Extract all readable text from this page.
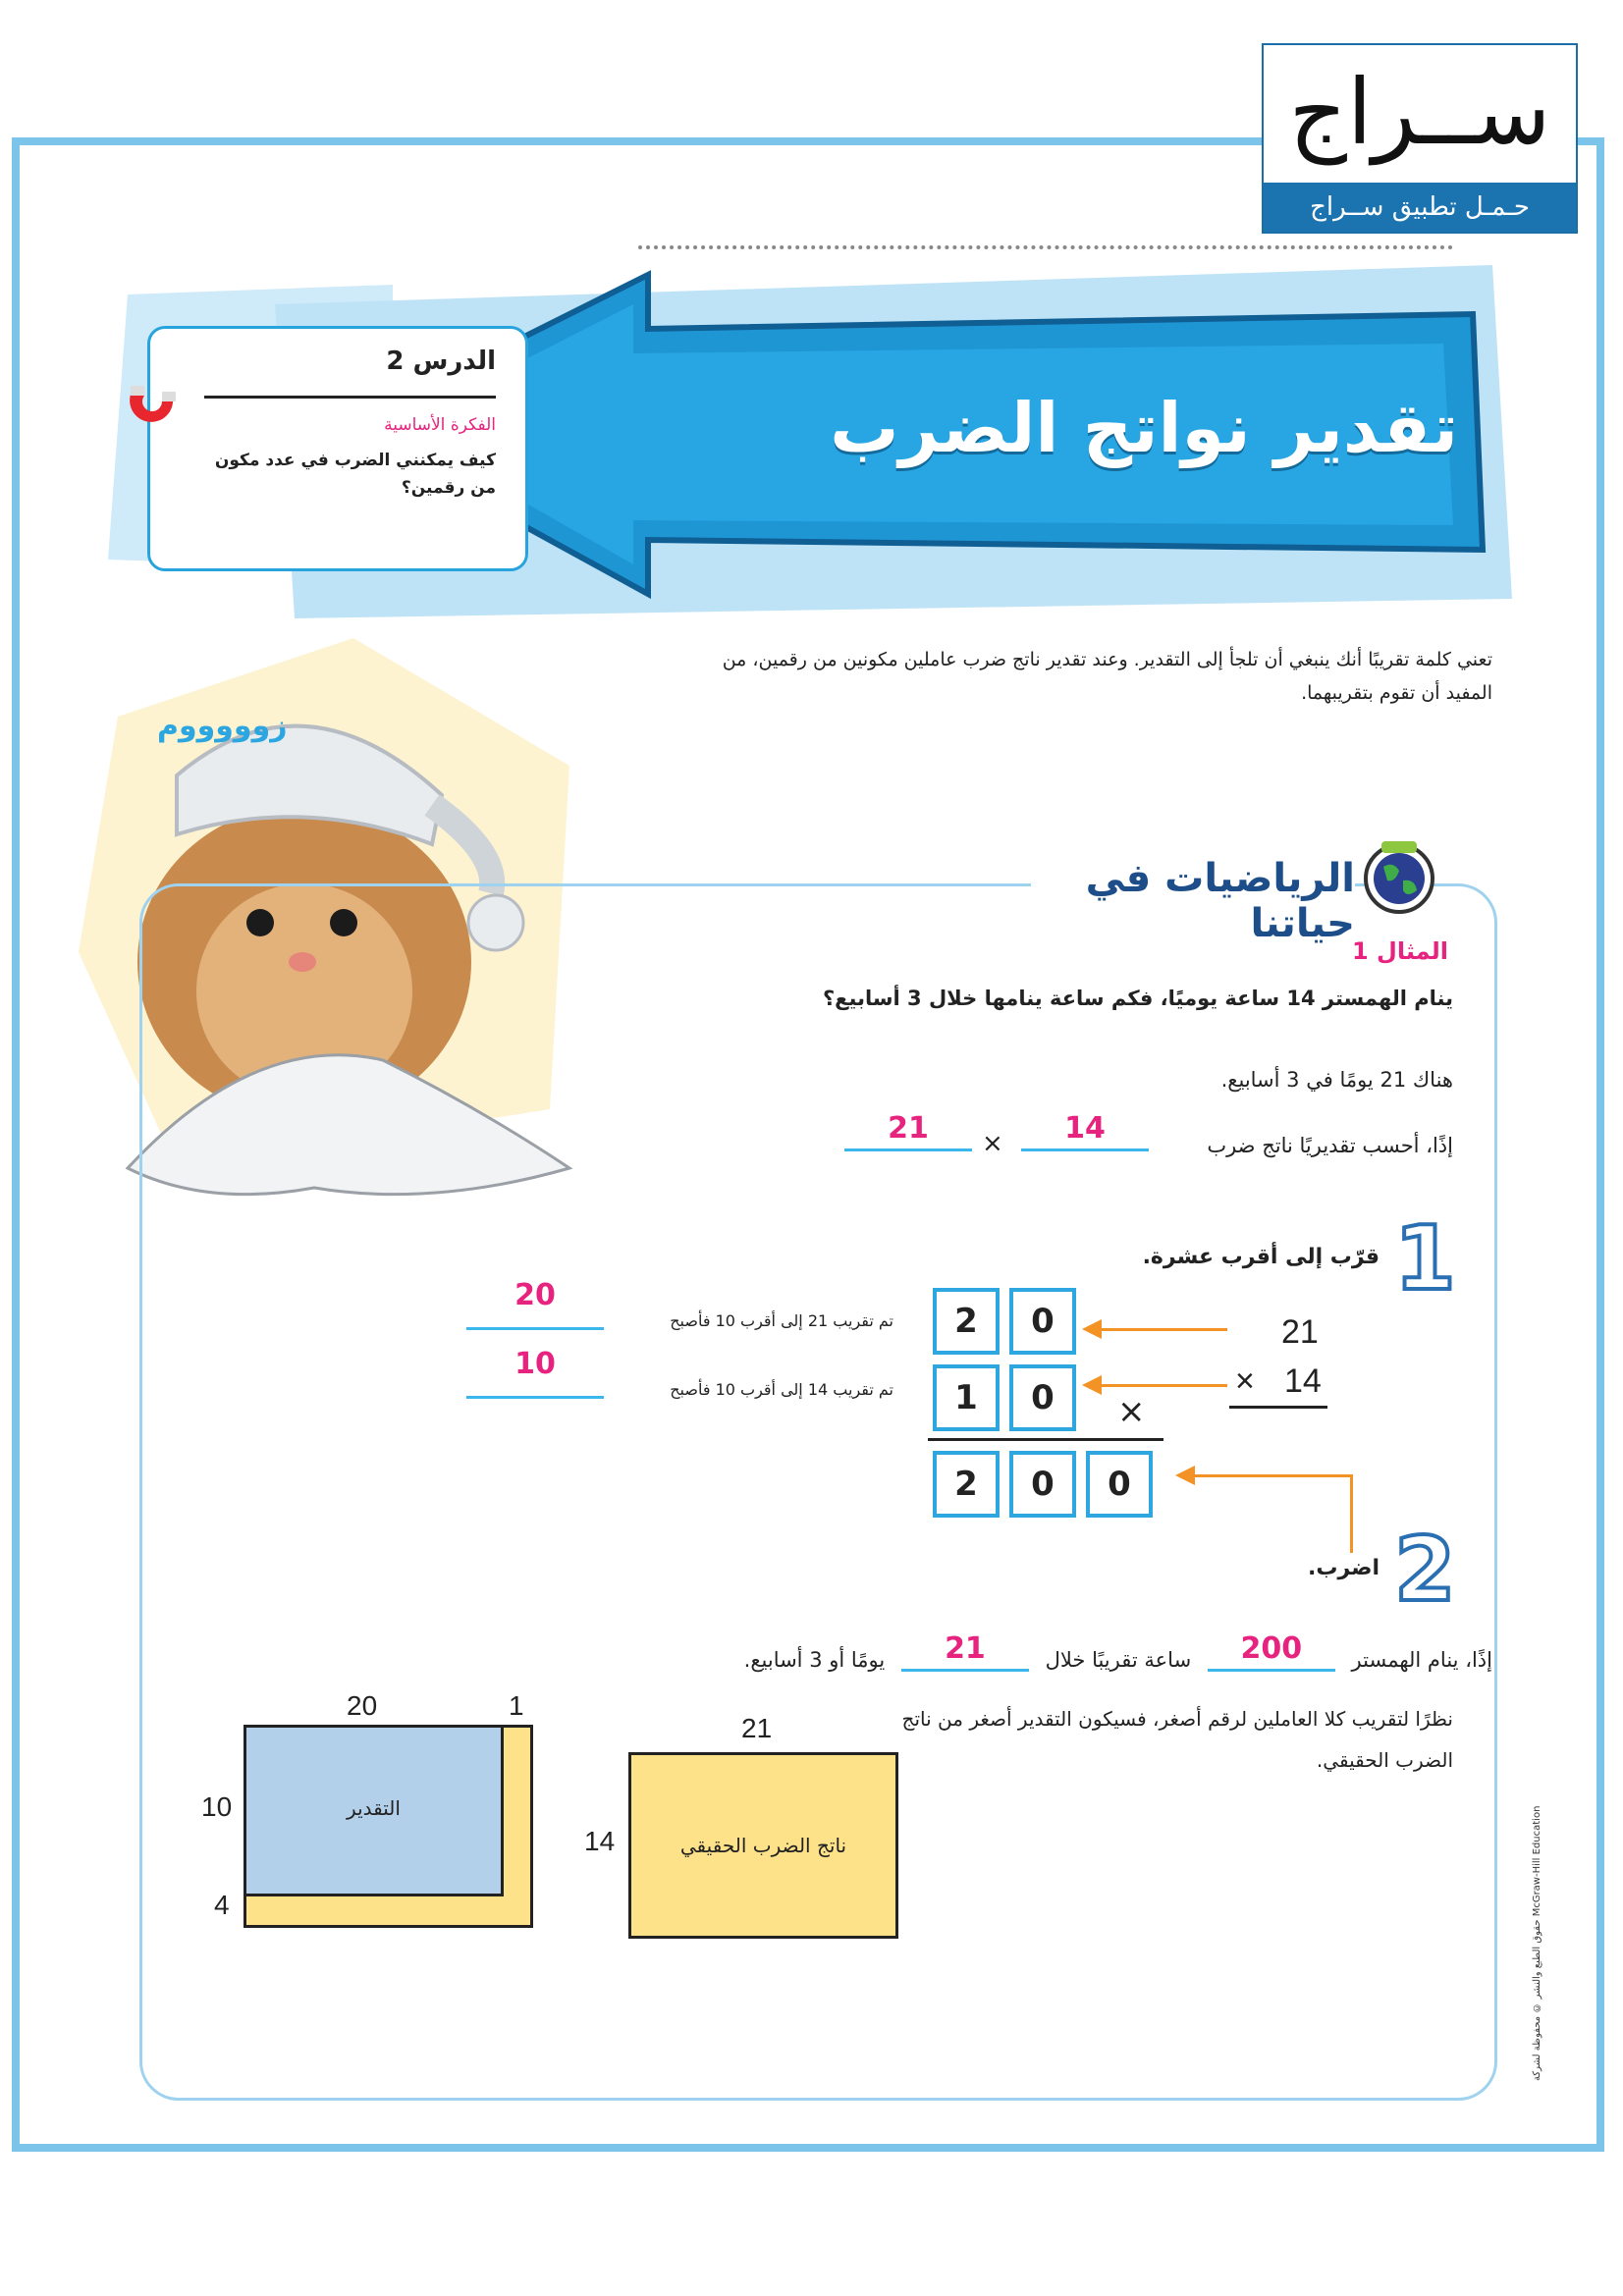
ســراج
حـمـل تطبيق ســراج
تقدير نواتج الضرب
الدرس 2
الفكرة الأساسية
كيف يمكنني الضرب في عدد مكون من رقمين؟
تعني كلمة تقريبًا أنك ينبغي أن تلجأ إلى التقدير. وعند تقدير ناتج ضرب عاملين مكونين من رقمين، من المفيد أن تقوم بتقريبهما.
زوووووم
الرياضيات في حياتنا
المثال 1
ينام الهمستر 14 ساعة يوميًا، فكم ساعة ينامها خلال 3 أسابيع؟
هناك 21 يومًا في 3 أسابيع.
إذًا، أحسب تقديريًا ناتج ضرب
14
×
21
1
قرّب إلى أقرب عشرة.
2	0
1	0	×
2	0	0
21
14
×
تم تقريب 21 إلى أقرب 10 فأصبح
20
تم تقريب 14 إلى أقرب 10 فأصبح
10
2
اضرب.
إذًا، ينام الهمستر 200 ساعة تقريبًا خلال 21 يومًا أو 3 أسابيع.
نظرًا لتقريب كلا العاملين لرقم أصغر، فسيكون التقدير أصغر من ناتج الضرب الحقيقي.
21
14	ناتج الضرب الحقيقي
20	1
10
4
التقدير
حقوق الطبع والنشر © محفوظة لشركة McGraw-Hill Education
